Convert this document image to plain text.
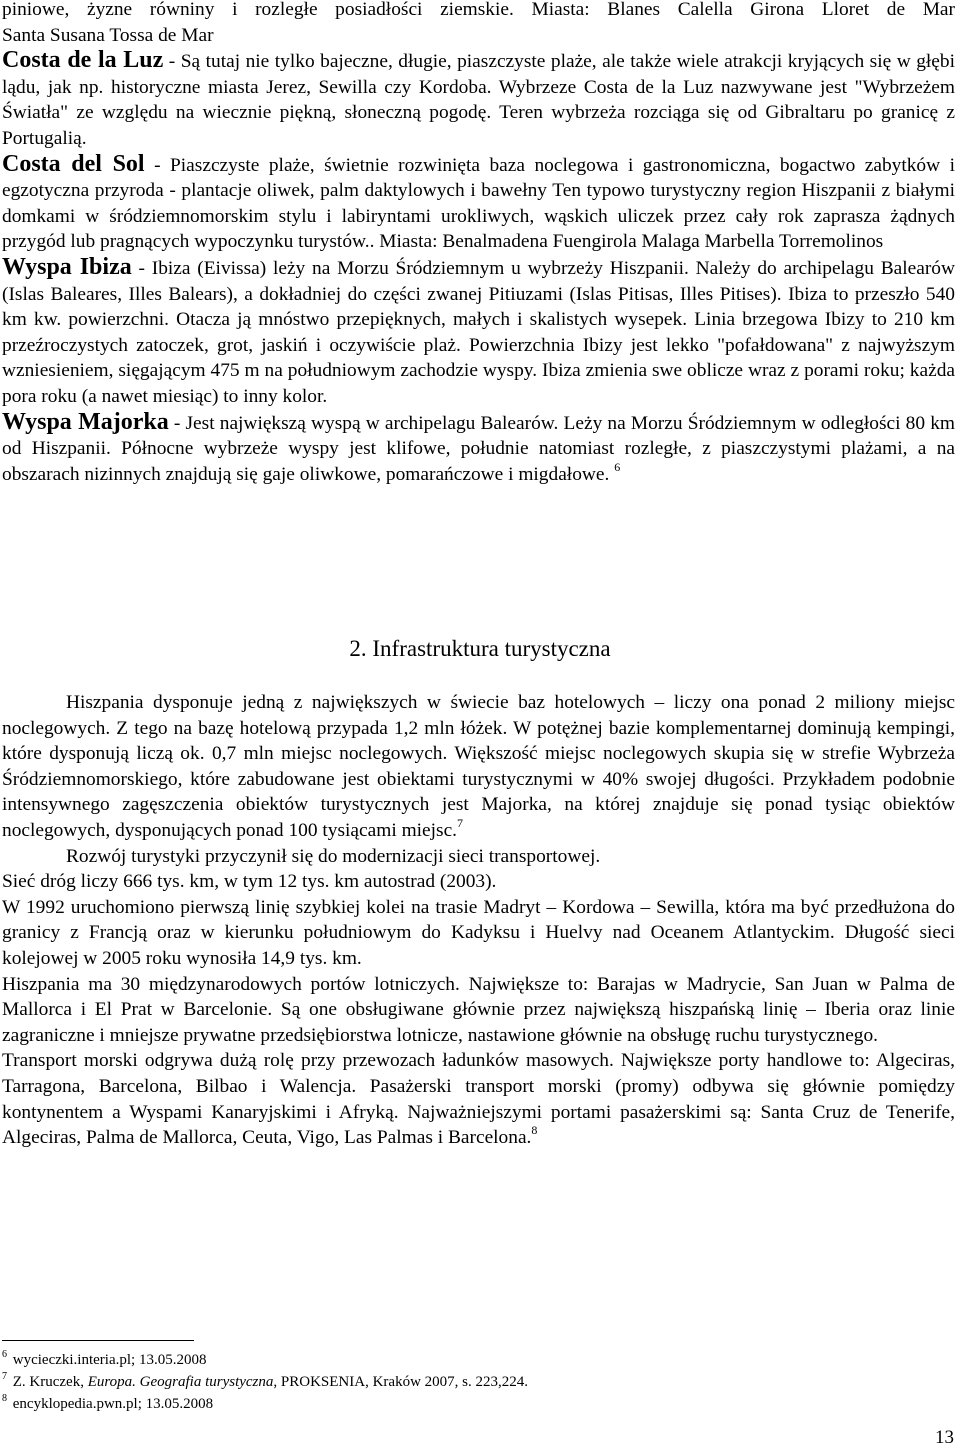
piniowe, żyzne równiny i rozległe posiadłości ziemskie. Miasta: Blanes Calella Girona Lloret de Mar

Santa Susana Tossa de Mar

Costa de la Luz - Są tutaj nie tylko bajeczne, długie, piaszczyste plaże, ale także wiele atrakcji kryjących się w głębi lądu, jak np. historyczne miasta Jerez, Sewilla czy Kordoba. Wybrzeze Costa de la Luz nazwywane jest "Wybrzeżem Światła" ze względu na wiecznie piękną, słoneczną pogodę. Teren wybrzeża rozciąga się od Gibraltaru po granicę z Portugalią.

Costa del Sol - Piaszczyste plaże, świetnie rozwinięta baza noclegowa i gastronomiczna, bogactwo zabytków i egzotyczna przyroda - plantacje oliwek, palm daktylowych i bawełny Ten typowo turystyczny region Hiszpanii z białymi domkami w śródziemnomorskim stylu i labiryntami urokliwych, wąskich uliczek przez cały rok zaprasza żądnych przygód lub pragnących wypoczynku turystów.. Miasta: Benalmadena Fuengirola Malaga Marbella Torremolinos

Wyspa Ibiza - Ibiza (Eivissa) leży na Morzu Śródziemnym u wybrzeży Hiszpanii. Należy do archipelagu Balearów (Islas Baleares, Illes Balears), a dokładniej do części zwanej Pitiuzami (Islas Pitisas, Illes Pitises). Ibiza to przeszło 540 km kw. powierzchni. Otacza ją mnóstwo przepięknych, małych i skalistych wysepek. Linia brzegowa Ibizy to 210 km przeźroczystych zatoczek, grot, jaskiń i oczywiście plaż. Powierzchnia Ibizy jest lekko "pofałdowana" z najwyższym wzniesieniem, sięgającym 475 m na południowym zachodzie wyspy. Ibiza zmienia swe oblicze wraz z porami roku; każda pora roku (a nawet miesiąc) to inny kolor.

Wyspa Majorka - Jest największą wyspą w archipelagu Balearów. Leży na Morzu Śródziemnym w odległości 80 km od Hiszpanii. Północne wybrzeże wyspy jest klifowe, południe natomiast rozległe, z piaszczystymi plażami, a na obszarach nizinnych znajdują się gaje oliwkowe, pomarańczowe i migdałowe. $^6$

2. Infrastruktura turystyczna

Hiszpania dysponuje jedną z największych w świecie baz hotelowych – liczy ona ponad 2 miliony miejsc noclegowych. Z tego na bazę hotelową przypada 1,2 mln łóżek. W potężnej bazie komplementarnej dominują kempingi, które dysponują liczą ok. 0,7 mln miejsc noclegowych. Większość miejsc noclegowych skupia się w strefie Wybrzeża Śródziemnomorskiego, które zabudowane jest obiektami turystycznymi w 40% swojej długości. Przykładem podobnie intensywnego zagęszczenia obiektów turystycznych jest Majorka, na której znajduje się ponad tysiąc obiektów noclegowych, dysponujących ponad 100 tysiącami miejsc.$^7$

Rozwój turystyki przyczynił się do modernizacji sieci transportowej.

Sieć dróg liczy 666 tys. km, w tym 12 tys. km autostrad (2003).

W 1992 uruchomiono pierwszą linię szybkiej kolei na trasie Madryt – Kordowa – Sewilla, która ma być przedłużona do granicy z Francją oraz w kierunku południowym do Kadyksu i Huelvy nad Oceanem Atlantyckim. Długość sieci kolejowej w 2005 roku wynosiła 14,9 tys. km.

Hiszpania ma 30 międzynarodowych portów lotniczych. Największe to: Barajas w Madrycie, San Juan w Palma de Mallorca i El Prat w Barcelonie. Są one obsługiwane głównie przez największą hiszpańską linię – Iberia oraz linie zagraniczne i mniejsze prywatne przedsiębiorstwa lotnicze, nastawione głównie na obsługę ruchu turystycznego.

Transport morski odgrywa dużą rolę przy przewozach ładunków masowych. Największe porty handlowe to: Algeciras, Tarragona, Barcelona, Bilbao i Walencja. Pasażerski transport morski (promy) odbywa się głównie pomiędzy kontynentem a Wyspami Kanaryjskimi i Afryką. Najważniejszymi portami pasażerskimi są: Santa Cruz de Tenerife, Algeciras, Palma de Mallorca, Ceuta, Vigo, Las Palmas i Barcelona.$^8$

$^6$ wycieczki.interia.pl; 13.05.2008

$^7$ Z. Kruczek, Europa. Geografia turystyczna, PROKSENIA, Kraków 2007, s. 223,224.

$^8$ encyklopedia.pwn.pl; 13.05.2008

13
